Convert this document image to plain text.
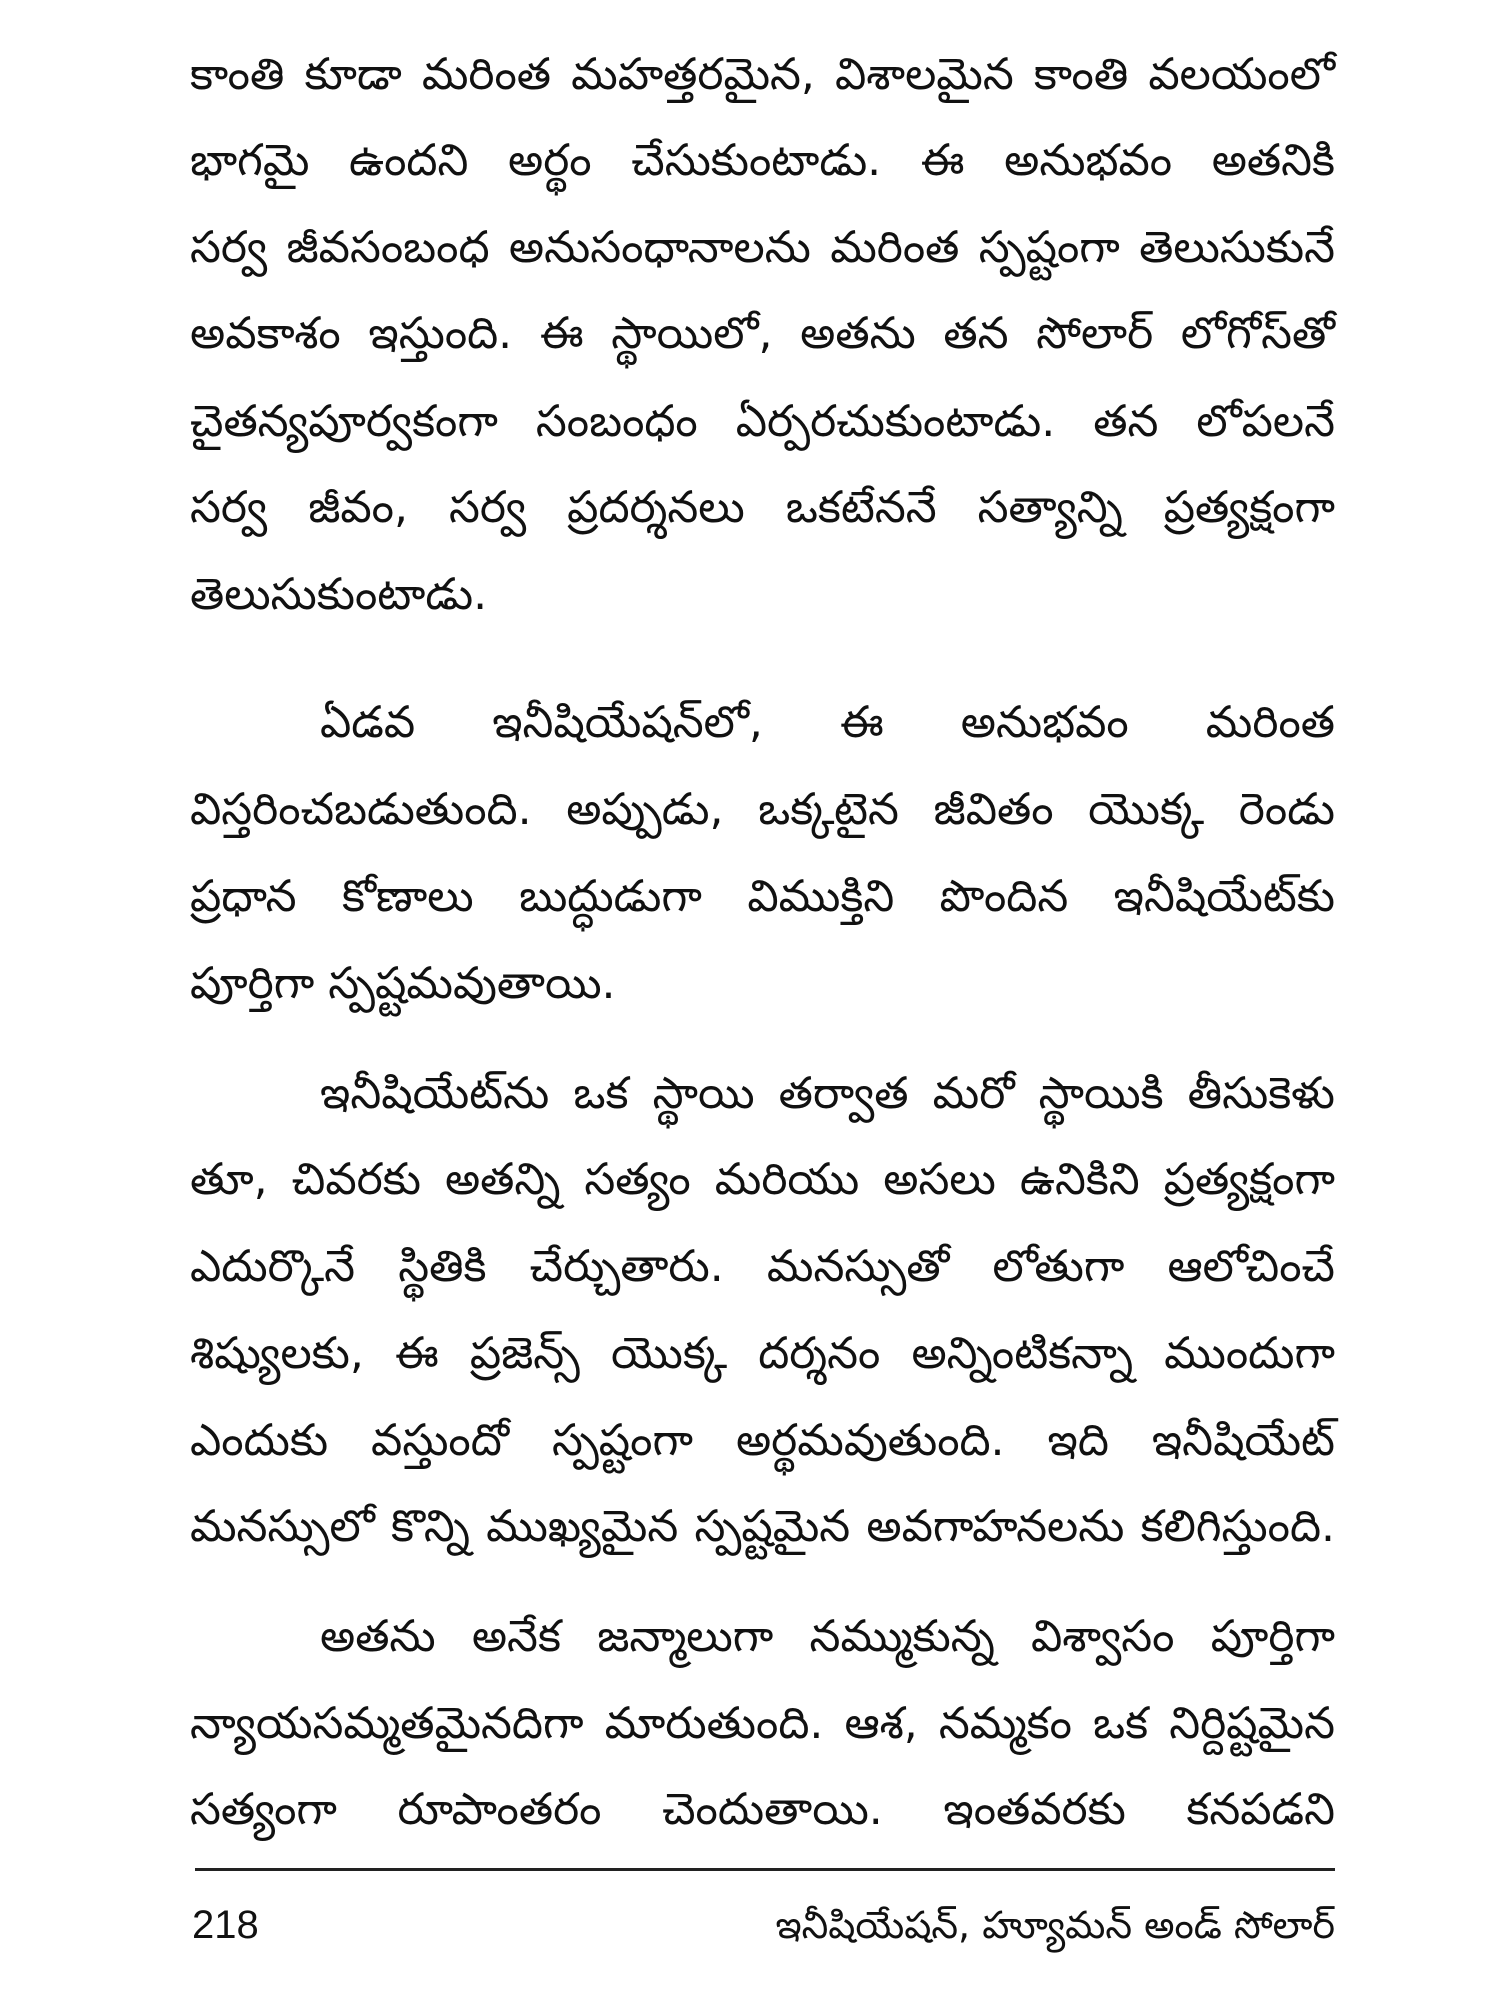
కాంతి కూడా మరింత మహత్తరమైన, విశాలమైన కాంతి వలయంలో
భాగమై ఉందని అర్థం చేసుకుంటాడు. ఈ అనుభవం అతనికి
సర్వ జీవసంబంధ అనుసంధానాలను మరింత స్పష్టంగా తెలుసుకునే
అవకాశం ఇస్తుంది. ఈ స్థాయిలో, అతను తన సోలార్ లోగోస్‌తో
చైతన్యపూర్వకంగా సంబంధం ఏర్పరచుకుంటాడు. తన లోపలనే
సర్వ జీవం, సర్వ ప్రదర్శనలు ఒకటేననే సత్యాన్ని ప్రత్యక్షంగా
తెలుసుకుంటాడు.
ఏడవ ఇనీషియేషన్‌లో, ఈ అనుభవం మరింత
విస్తరించబడుతుంది. అప్పుడు, ఒక్కటైన జీవితం యొక్క రెండు
ప్రధాన కోణాలు బుద్ధుడుగా విముక్తిని పొందిన ఇనీషియేట్‌కు
పూర్తిగా స్పష్టమవుతాయి.
ఇనీషియేట్‌ను ఒక స్థాయి తర్వాత మరో స్థాయికి తీసుకెళు
తూ, చివరకు అతన్ని సత్యం మరియు అసలు ఉనికిని ప్రత్యక్షంగా
ఎదుర్కొనే స్థితికి చేర్చుతారు. మనస్సుతో లోతుగా ఆలోచించే
శిష్యులకు, ఈ ప్రజెన్స్ యొక్క దర్శనం అన్నింటికన్నా ముందుగా
ఎందుకు వస్తుందో స్పష్టంగా అర్థమవుతుంది. ఇది ఇనీషియేట్
మనస్సులో కొన్ని ముఖ్యమైన స్పష్టమైన అవగాహనలను కలిగిస్తుంది.
అతను అనేక జన్మాలుగా నమ్ముకున్న విశ్వాసం పూర్తిగా
న్యాయసమ్మతమైనదిగా మారుతుంది. ఆశ, నమ్మకం ఒక నిర్దిష్టమైన
సత్యంగా రూపాంతరం చెందుతాయి. ఇంతవరకు కనపడని
218	ఇనీషియేషన్, హ్యూమన్ అండ్ సోలార్
